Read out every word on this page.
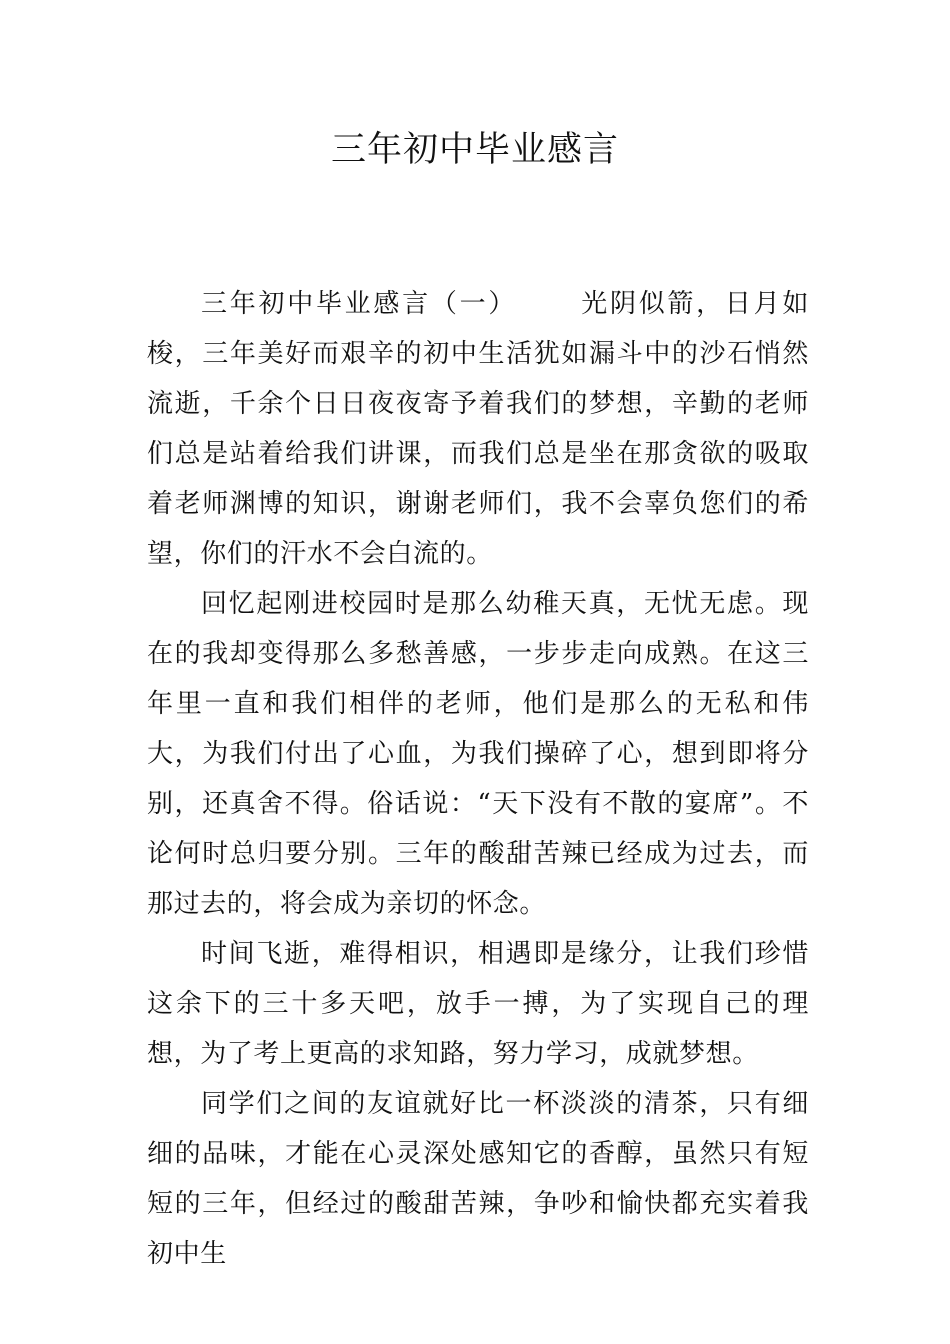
三年初中毕业感言

三年初中毕业感言（一） 光阴似箭，日月如梭，三年美好而艰辛的初中生活犹如漏斗中的沙石悄然流逝，千余个日日夜夜寄予着我们的梦想，辛勤的老师们总是站着给我们讲课，而我们总是坐在那贪欲的吸取着老师渊博的知识，谢谢老师们，我不会辜负您们的希望，你们的汗水不会白流的。

回忆起刚进校园时是那么幼稚天真，无忧无虑。现在的我却变得那么多愁善感，一步步走向成熟。在这三年里一直和我们相伴的老师，他们是那么的无私和伟大，为我们付出了心血，为我们操碎了心，想到即将分别，还真舍不得。俗话说：“天下没有不散的宴席”。不论何时总归要分别。三年的酸甜苦辣已经成为过去，而那过去的，将会成为亲切的怀念。

时间飞逝，难得相识，相遇即是缘分，让我们珍惜这余下的三十多天吧，放手一搏，为了实现自己的理想，为了考上更高的求知路，努力学习，成就梦想。

同学们之间的友谊就好比一杯淡淡的清茶，只有细细的品味，才能在心灵深处感知它的香醇，虽然只有短短的三年，但经过的酸甜苦辣，争吵和愉快都充实着我初中生
